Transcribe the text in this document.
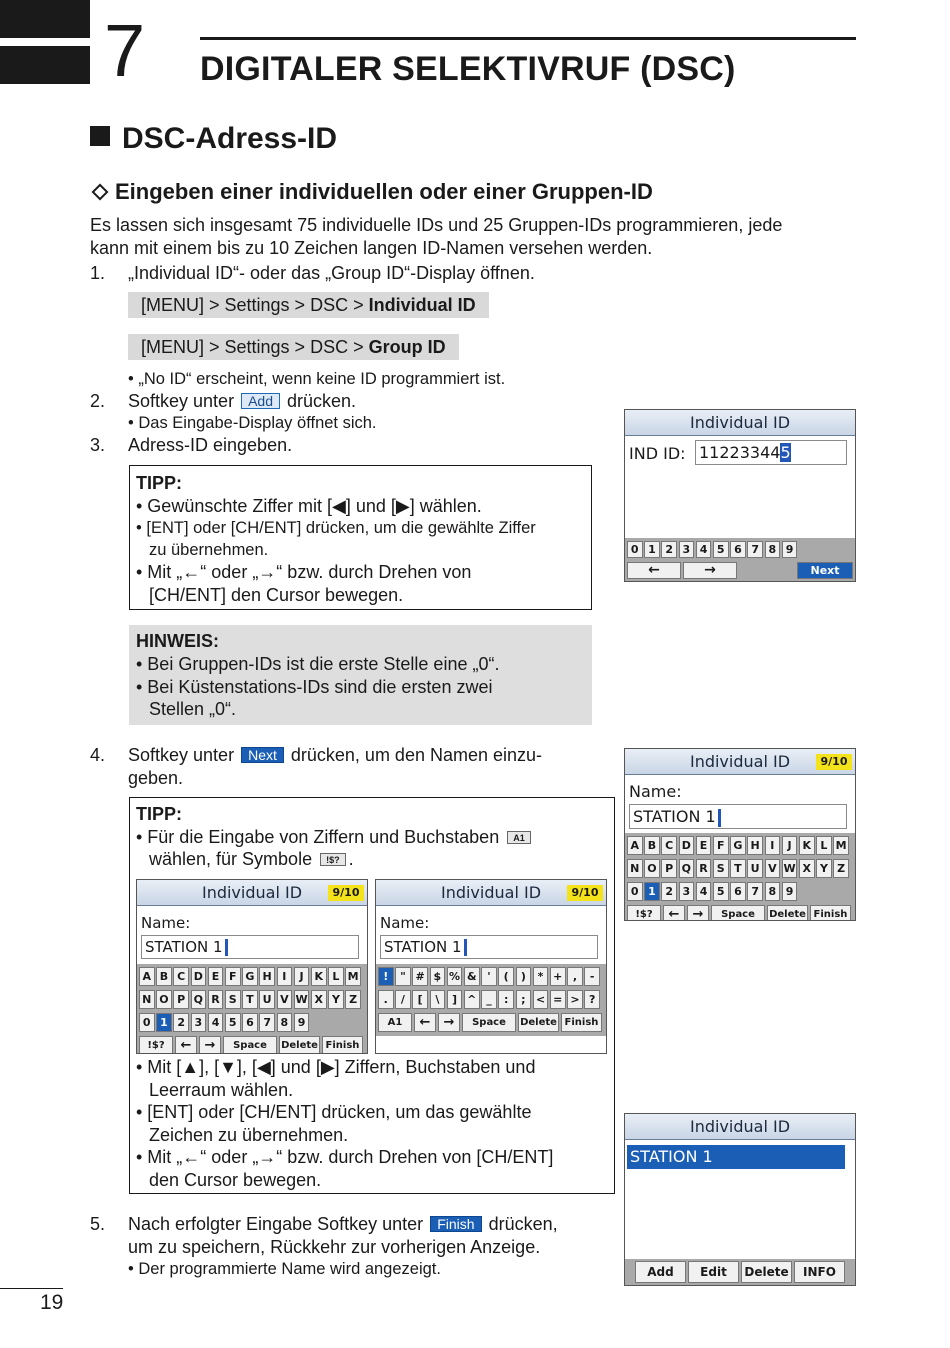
7 DIGITALER SELEKTIVRUF (DSC)
DSC-Adress-ID
Eingeben einer individuellen oder einer Gruppen-ID
Es lassen sich insgesamt 75 individuelle IDs und 25 Gruppen-IDs programmieren, jede
kann mit einem bis zu 10 Zeichen langen ID-Namen versehen werden.
1. „Individual ID“- oder das „Group ID“-Display öffnen.
[MENU] > Settings > DSC > Individual ID
[MENU] > Settings > DSC > Group ID
• „No ID“ erscheint, wenn keine ID programmiert ist.
2. Softkey unter Add drücken.
• Das Eingabe-Display öffnet sich.
3. Adress-ID eingeben.
TIPP:
• Gewünschte Ziffer mit [◀] und [▶] wählen.
• [ENT] oder [CH/ENT] drücken, um die gewählte Ziffer
zu übernehmen.
• Mit „←“ oder „→“ bzw. durch Drehen von
[CH/ENT] den Cursor bewegen.
HINWEIS:
• Bei Gruppen-IDs ist die erste Stelle eine „0“.
• Bei Küstenstations-IDs sind die ersten zwei
Stellen „0“.
4. Softkey unter Next drücken, um den Namen einzu-
geben.
TIPP:
• Für die Eingabe von Ziffern und Buchstaben A1
wählen, für Symbole !$? .
Individual ID	9/10
Name:
STATION 1
A B C D E F G H I	J K L M
N O P Q R S T U V W X Y Z
0 1 2 3 4 5 6 7 8 9
!$?	←	→	Space	Delete Finish
Individual ID	9/10
Name:
STATION 1
!	" # $ % & '	(	)	* + ,	-
.	/	[	\	] ^ _	:	; < = > ?
A1	←	→	Space	Delete Finish
• Mit [▲], [▼], [◀] und [▶] Ziffern, Buchstaben und
Leerraum wählen.
• [ENT] oder [CH/ENT] drücken, um das gewählte
Zeichen zu übernehmen.
• Mit „←“ oder „→“ bzw. durch Drehen von [CH/ENT]
den Cursor bewegen.
5. Nach erfolgter Eingabe Softkey unter Finish drücken,
um zu speichern, Rückkehr zur vorherigen Anzeige.
• Der programmierte Name wird angezeigt.
Individual ID
IND ID: 112233445
0 1 2 3 4 5 6 7 8 9
←	→	Next
Individual ID	9/10
Name:
STATION 1
A B C D E F G H I	J K L M
N O P Q R S T U V W X Y Z
0 1 2 3 4 5 6 7 8 9
!$?	←	→	Space	Delete Finish
Individual ID
STATION 1
Add	Edit	Delete	INFO
19
